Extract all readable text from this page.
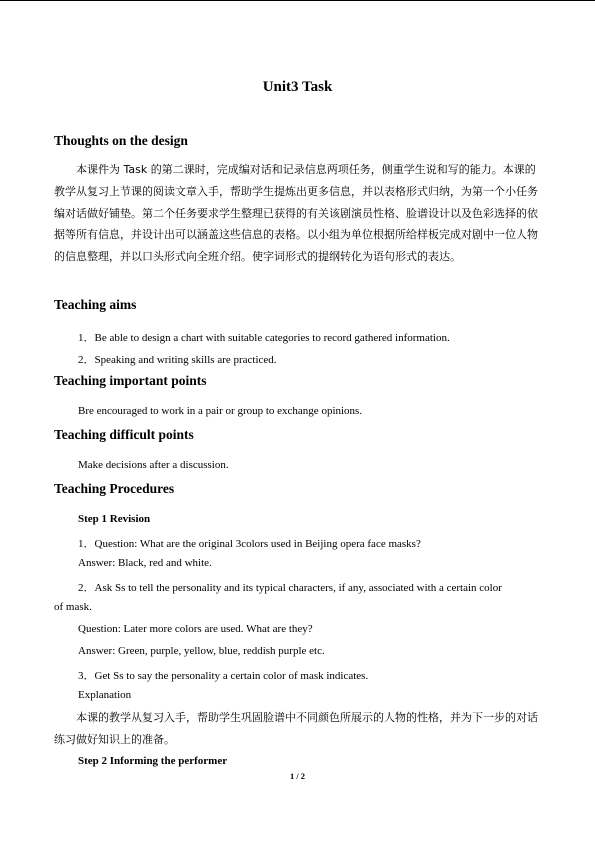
Unit3 Task
Thoughts on the design
本课件为 Task 的第二课时，完成编对话和记录信息两项任务，侧重学生说和写的能力。本课的教学从复习上节课的阅读文章入手，帮助学生提炼出更多信息，并以表格形式归纳，为第一个小任务编对话做好铺垫。第二个任务要求学生整理已获得的有关该剧演员性格、脸谱设计以及色彩选择的依据等所有信息，并设计出可以涵盖这些信息的表格。以小组为单位根据所给样板完成对剧中一位人物的信息整理，并以口头形式向全班介绍。使字词形式的提纲转化为语句形式的表达。
Teaching aims
1．Be able to design a chart with suitable categories to record gathered information.
2．Speaking and writing skills are practiced.
Teaching important points
Bre encouraged to work in a pair or group to exchange opinions.
Teaching difficult points
Make decisions after a discussion.
Teaching Procedures
Step 1 Revision
1．Question: What are the original 3colors used in Beijing opera face masks?
Answer: Black, red and white.
2．Ask Ss to tell the personality and its typical characters, if any, associated with a certain color
of mask.
Question: Later more colors are used. What are they?
Answer: Green, purple, yellow, blue, reddish purple etc.
3．Get Ss to say the personality a certain color of mask indicates.
Explanation
本课的教学从复习入手，帮助学生巩固脸谱中不同颜色所展示的人物的性格，并为下一步的对话练习做好知识上的准备。
Step 2 Informing the performer
1 / 2
